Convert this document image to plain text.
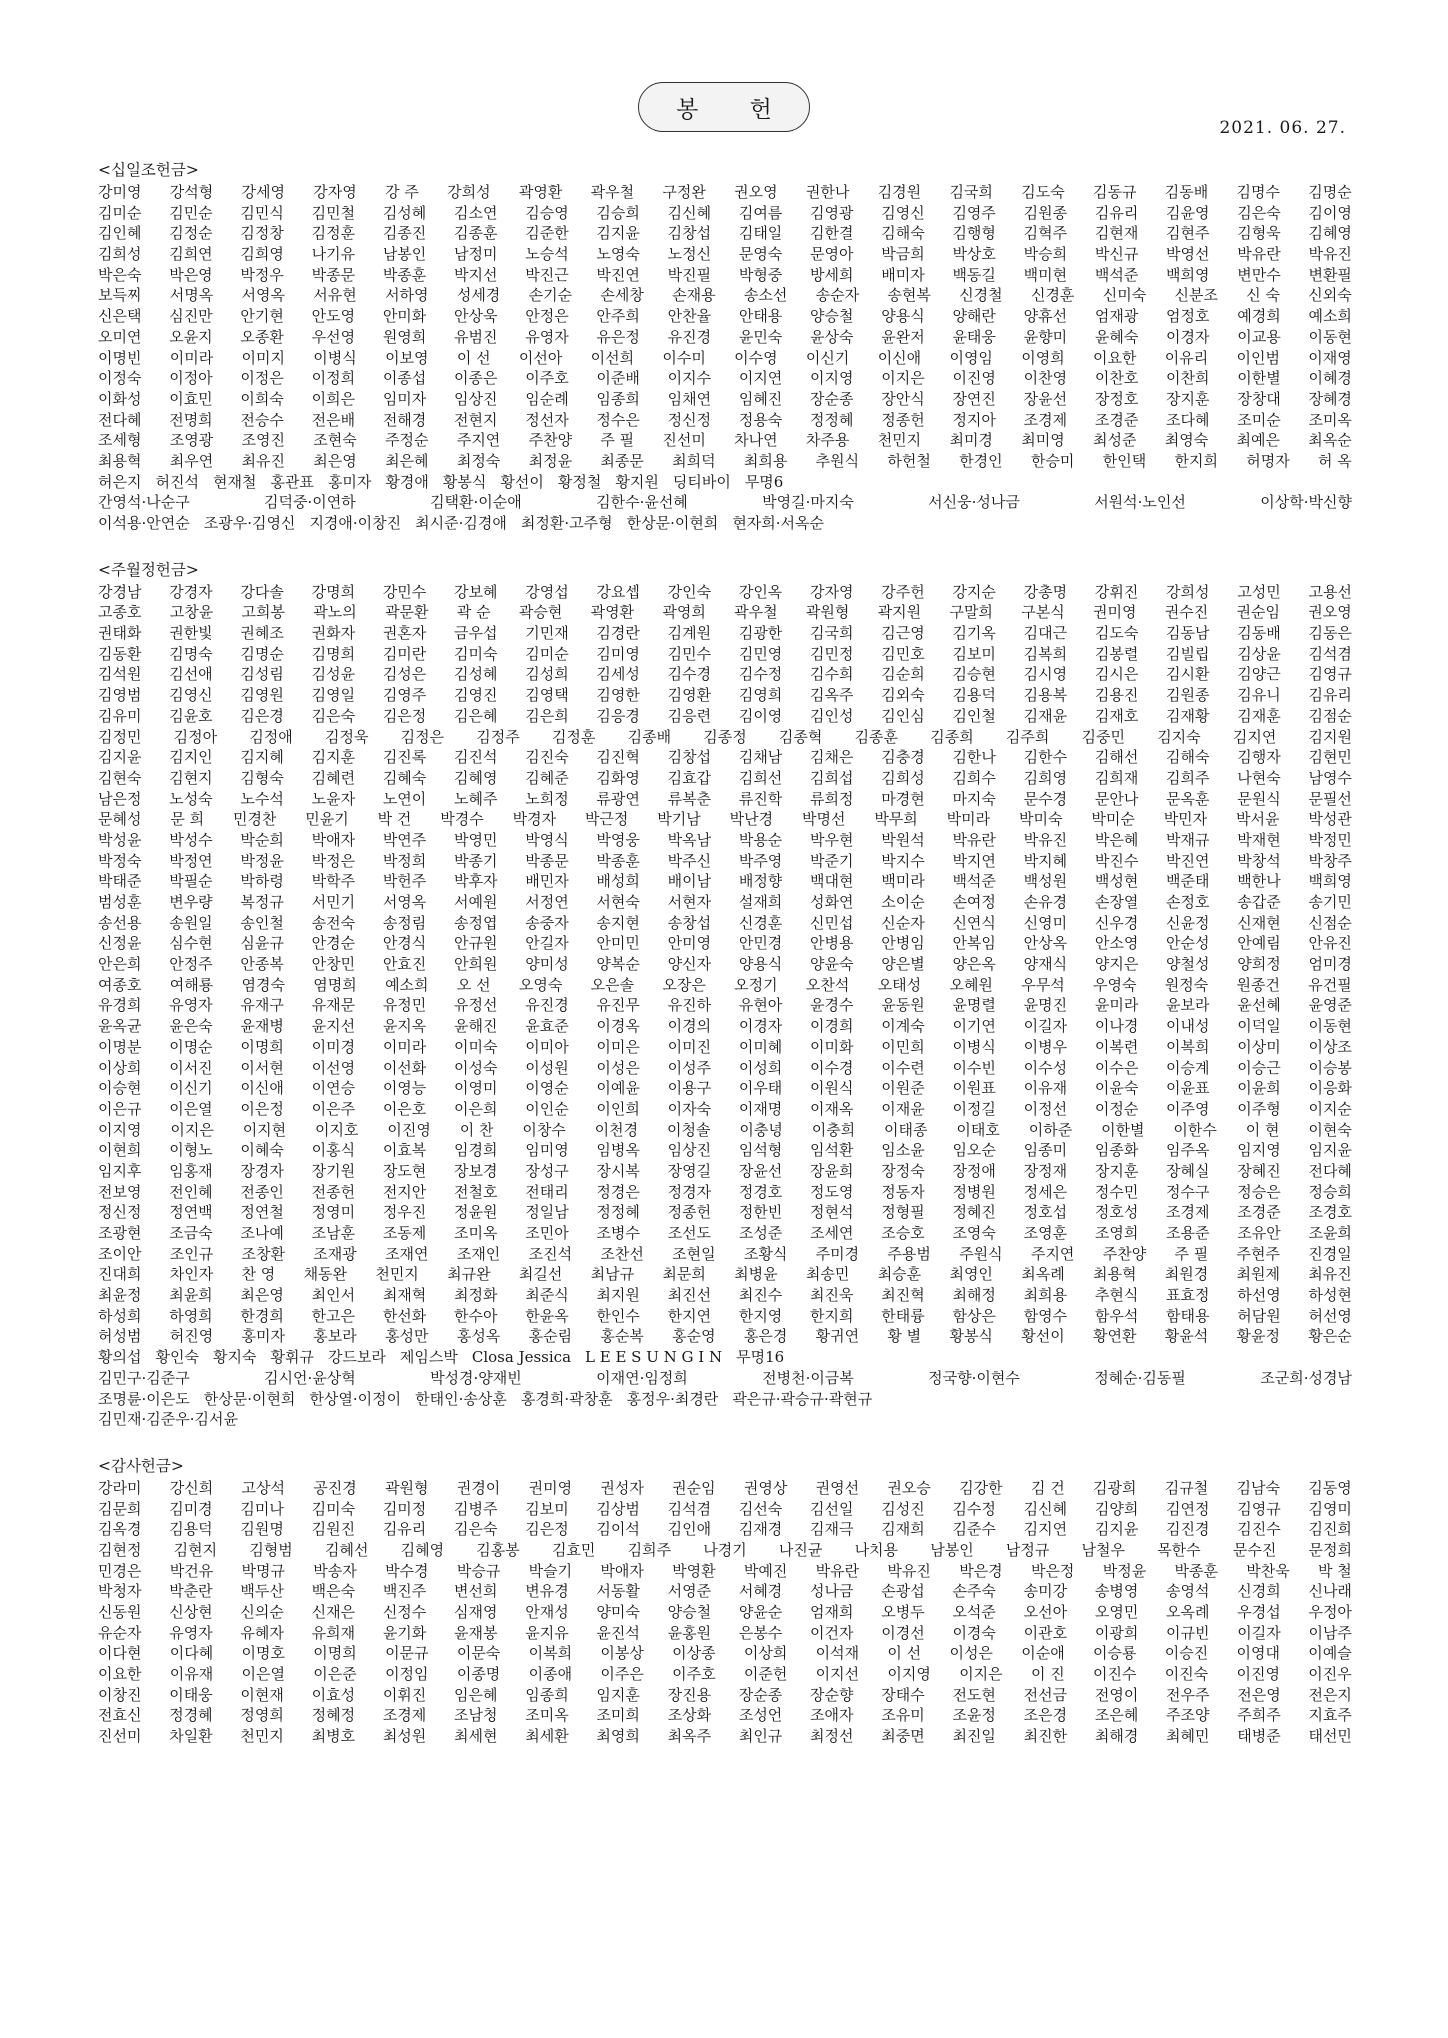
봉 헌
2021. 06. 27.
<십일조헌금>
강미영 강석형 강세영 강자영 강 주 강희성 곽영환 곽우철 구정완 권오영 권한나 김경원 김국희 김도숙 김동규 김동배 김명수 김명순
김미순 김민순 김민식 김민철 김성혜 김소연 김승영 김승희 김신혜 김여름 김영광 김영신 김영주 김원종 김유리 김윤영 김은숙 김이영
김인혜 김정순 김정창 김정훈 김종진 김종훈 김준한 김지윤 김창섭 김태일 김한결 김해숙 김행형 김혁주 김현재 김현주 김형욱 김혜영
김희성 김희연 김희영 나기유 남봉인 남정미 노승석 노영숙 노정신 문영숙 문영아 박금희 박상호 박승희 박신규 박영선 박유란 박유진
박은숙 박은영 박정우 박종문 박종훈 박지선 박진근 박진연 박진필 박형중 방세희 배미자 백동길 백미현 백석준 백희영 변만수 변환필
보득찌 서명옥 서영옥 서유현 서하영 성세경 손기순 손세창 손재용 송소선 송순자 송현복 신경철 신경훈 신미숙 신분조 신 숙 신외숙
신은택 심진만 안기현 안도영 안미화 안상욱 안정은 안주희 안찬율 안태용 양승철 양용식 양해란 양휴선 엄재광 엄정호 예경희 예소희
오미연 오윤지 오종환 우선영 원영희 유범진 유영자 유은정 유진경 윤민숙 윤상숙 윤완저 윤태웅 윤향미 윤혜숙 이경자 이교용 이동현
이명빈 이미라 이미지 이병식 이보영 이 선 이선아 이선희 이수미 이수영 이신기 이신애 이영임 이영희 이요한 이유리 이인범 이재영
이정숙 이정아 이정은 이정희 이종섭 이종은 이주호 이준배 이지수 이지연 이지영 이지은 이진영 이찬영 이찬호 이찬희 이한별 이혜경
이화성 이효민 이희숙 이희은 임미자 임상진 임순례 임종희 임채연 임혜진 장순종 장안식 장연진 장윤선 장정호 장지훈 장창대 장혜경
전다혜 전명희 전승수 전은배 전해경 전현지 정선자 정수은 정신정 정용숙 정정혜 정종헌 정지아 조경제 조경준 조다혜 조미순 조미옥
조세형 조영광 조영진 조현숙 주정순 주지연 주찬양 주 필 진선미 차나연 차주용 천민지 최미경 최미영 최성준 최영숙 최예은 최옥순
최용혁 최우연 최유진 최은영 최은혜 최정숙 최정윤 최종문 최희덕 최희용 추원식 하헌철 한경인 한승미 한인택 한지희 허명자 허 옥
허은지 허진석 현재철 홍관표 홍미자 황경애 황봉식 황선이 황정철 황지원 딩티바이 무명6
간영석·나순구	김덕중·이연하	김택환·이순애	김한수·윤선혜	박영길·마지숙	서신웅·성나금	서원석·노인선	이상학·박신향
이석용·안연순 조광우·김영신 지경애·이창진 최시준·김경애 최정환·고주형 한상문·이현희 현자희·서옥순
<주월정헌금>
강경남 강경자 강다솔 강명희 강민수 강보혜 강영섭 강요셉 강인숙 강인옥 강자영 강주헌 강지순 강총명 강휘진 강희성 고성민 고용선
고종호 고창윤 고희봉 곽노의 곽문환 곽 순 곽승현 곽영환 곽영희 곽우철 곽원형 곽지원 구말희 구본식 권미영 권수진 권순임 권오영
권태화 권한빛 권혜조 권화자 권혼자 금우섭 기민재 김경란 김계원 김광한 김국희 김근영 김기옥 김대근 김도숙 김동남 김동배 김동은
김동환 김명숙 김명순 김명희 김미란 김미숙 김미순 김미영 김민수 김민영 김민정 김민호 김보미 김복희 김봉렬 김빌립 김상윤 김석겸
김석원 김선애 김성림 김성윤 김성은 김성혜 김성희 김세성 김수경 김수정 김수희 김순희 김승현 김시영 김시은 김시환 김양근 김영규
김영범 김영신 김영원 김영일 김영주 김영진 김영택 김영한 김영환 김영희 김옥주 김외숙 김용덕 김용복 김용진 김원종 김유니 김유리
김유미 김윤호 김은경 김은숙 김은정 김은혜 김은희 김응경 김응련 김이영 김인성 김인심 김인철 김재윤 김재호 김재황 김재훈 김점순
김정민 김정아 김정애 김정욱 김정은 김정주 김정훈 김종배 김종정 김종혁 김종훈 김종희 김주희 김중민 김지숙 김지연 김지원
김지윤 김지인 김지혜 김지훈 김진록 김진석 김진숙 김진혁 김창섭 김채남 김채은 김충경 김한나 김한수 김해선 김해숙 김행자 김현민
김현숙 김현지 김형숙 김혜련 김혜숙 김혜영 김혜준 김화영 김효갑 김희선 김희섭 김희성 김희수 김희영 김희재 김희주 나현숙 남영수
남은정 노성숙 노수석 노윤자 노연이 노혜주 노희정 류광연 류복춘 류진학 류희정 마경현 마지숙 문수경 문안나 문옥훈 문원식 문필선
문혜성 문 희 민경찬 민윤기 박 건 박경수 박경자 박근정 박기남 박난경 박명선 박무희 박미라 박미숙 박미순 박민자 박서윤 박성관
박성윤 박성수 박순희 박애자 박연주 박영민 박영식 박영웅 박옥남 박용순 박우현 박원석 박유란 박유진 박은혜 박재규 박재현 박정민
박정숙 박정연 박정윤 박정은 박정희 박종기 박종문 박종훈 박주신 박주영 박준기 박지수 박지연 박지혜 박진수 박진연 박창석 박창주
박태준 박필순 박하령 박학주 박헌주 박후자 배민자 배성희 배이남 배정향 백대현 백미라 백석준 백성원 백성현 백준태 백한나 백희영
범성훈 변우량 복정규 서민기 서영옥 서예원 서정연 서현숙 서현자 설재희 성화연 소이순 손여정 손유경 손장열 손정호 송갑준 송기민
송선용 송원일 송인철 송전숙 송정림 송정엽 송중자 송지현 송창섭 신경훈 신민섭 신순자 신연식 신영미 신우경 신윤정 신재현 신점순
신정윤 심수현 심윤규 안경순 안경식 안규원 안길자 안미민 안미영 안민경 안병용 안병임 안복임 안상옥 안소영 안순성 안예림 안유진
안은희 안정주 안종복 안창민 안효진 안희원 양미성 양복순 양신자 양용식 양윤숙 양은별 양은옥 양재식 양지은 양철성 양희정 엄미경
여종호 여해룡 염경숙 염명희 예소희 오 선 오영숙 오은솔 오장은 오정기 오찬석 오태성 오혜원 우무석 우영숙 원정숙 원종건 유건필
유경희 유영자 유재구 유재문 유정민 유정선 유진경 유진무 유진하 유현아 윤경수 윤동원 윤명렬 윤명진 윤미라 윤보라 윤선혜 윤영준
윤옥균 윤은숙 윤재병 윤지선 윤지옥 윤해진 윤효준 이경옥 이경의 이경자 이경희 이계숙 이기연 이길자 이나경 이내성 이덕일 이동현
이명분 이명순 이명희 이미경 이미라 이미숙 이미아 이미은 이미진 이미혜 이미화 이민희 이병식 이병우 이복련 이복희 이상미 이상조
이상희 이서진 이서현 이선영 이선화 이성숙 이성원 이성은 이성주 이성희 이수경 이수련 이수빈 이수성 이수은 이승계 이승근 이승봉
이승현 이신기 이신애 이연승 이영능 이영미 이영순 이예윤 이용구 이우태 이원식 이원준 이원표 이유재 이윤숙 이윤표 이윤희 이응화
이은규 이은열 이은정 이은주 이은호 이은희 이인순 이인희 이자숙 이재명 이재옥 이재윤 이정길 이정선 이정순 이주영 이주형 이지순
이지영 이지은 이지현 이지호 이진영 이 찬 이창수 이천경 이청솔 이충녕 이충희 이태종 이태호 이하준 이한별 이한수 이 현 이현숙
이현희 이형노 이혜숙 이홍식 이효복 임경희 임미영 임병옥 임상진 임석형 임석환 임소윤 임오순 임종미 임종화 임주옥 임지영 임지윤
임지후 임홍재 장경자 장기원 장도현 장보경 장성구 장시복 장영길 장윤선 장윤희 장정숙 장정애 장정재 장지훈 장혜실 장혜진 전다혜
전보영 전인혜 전종인 전종헌 전지안 전철호 전태리 정경은 정경자 정경호 정도영 정동자 정병원 정세은 정수민 정수구 정승은 정승희
정신정 정연백 정연철 정영미 정우진 정윤원 정일남 정정혜 정종헌 정한빈 정현석 정형필 정혜진 정호섭 정호성 조경제 조경준 조경호
조광현 조금숙 조나예 조남훈 조동제 조미옥 조민아 조병수 조선도 조성준 조세연 조승호 조영숙 조영훈 조영희 조용준 조유안 조윤희
조이안 조인규 조창환 조재광 조재연 조재인 조진석 조찬선 조현일 조황식 주미경 주용범 주원식 주지연 주찬양 주 필 주현주 진경일
진대희 차인자 찬 영 채동완 천민지 최규완 최길선 최남규 최문희 최병윤 최송민 최승훈 최영인 최옥례 최용혁 최원경 최원제 최유진
최윤정 최윤희 최은영 최인서 최재혁 최정화 최준식 최지원 최진선 최진수 최진욱 최진혁 최해정 최희용 추현식 표효정 하선영 하성현
하성희 하영희 한경희 한고은 한선화 한수아 한윤옥 한인수 한지연 한지영 한지희 한태륭 함상은 함영수 함우석 함태용 허담원 허선영
허성범 허진영 홍미자 홍보라 홍성만 홍성옥 홍순림 홍순복 홍순영 홍은경 황귀연 황 별 황봉식 황선이 황연환 황윤석 황윤정 황은순
황의섭 황인숙 황지숙 황휘규 강드보라 제임스박 Closa Jessica L E E S U N G I N 무명16
김민구·김준구	김시언·윤상혁	박성경·양재빈	이재연·임정희	전병천·이금복	정국향·이현수	정혜순·김동필	조군희·성경남
조명륜·이은도 한상문·이현희 한상열·이정이 한태인·송상훈 홍경희·곽창훈 홍정우·최경란 곽은규·곽승규·곽현규
김민재·김준우·김서윤
<감사헌금>
강라미 강신희 고상석 공진경 곽원형 권경이 권미영 권성자 권순임 권영상 권영선 권오승 김강한 김 건 김광희 김규철 김남숙 김동영
김문희 김미경 김미나 김미숙 김미정 김병주 김보미 김상범 김석겸 김선숙 김선일 김성진 김수정 김신혜 김양희 김연정 김영규 김영미
김옥경 김용덕 김원명 김원진 김유리 김은숙 김은정 김이석 김인애 김재경 김재극 김재희 김준수 김지연 김지윤 김진경 김진수 김진희
김현정 김현지 김형범 김혜선 김혜영 김홍봉 김효민 김희주 나경기 나진균 나치용 남봉인 남정규 남철우 목한수 문수진 문정희
민경은 박건유 박명규 박송자 박수경 박승규 박슬기 박애자 박영환 박예진 박유란 박유진 박은경 박은정 박정윤 박종훈 박찬욱 박 철
박청자 박춘란 백두산 백은숙 백진주 변선희 변유경 서동활 서영준 서혜경 성나금 손광섭 손주숙 송미강 송병영 송영석 신경희 신나래
신동원 신상현 신의순 신재은 신정수 심재영 안재성 양미숙 양승철 양윤순 엄재희 오병두 오석준 오선아 오영민 오옥례 우경섭 우정아
유순자 유영자 유혜자 유희재 윤기화 윤재봉 윤지유 윤진석 윤홍원 은봉수 이건자 이경선 이경숙 이관호 이광희 이규빈 이길자 이남주
이다현 이다혜 이명호 이명희 이문규 이문숙 이복희 이봉상 이상종 이상희 이석재 이 선 이성은 이순애 이승룡 이승진 이영대 이예슬
이요한 이유재 이은열 이은준 이정임 이종명 이종애 이주은 이주호 이준헌 이지선 이지영 이지은 이 진 이진수 이진숙 이진영 이진우
이창진 이태웅 이현재 이효성 이휘진 임은혜 임종희 임지훈 장진용 장순종 장순향 장태수 전도현 전선금 전영이 전우주 전은영 전은지
전효신 정경혜 정영희 정혜정 조경제 조남청 조미옥 조미희 조상화 조성언 조애자 조유미 조윤정 조은경 조은혜 주조양 주희주 지효주
진선미 차일환 천민지 최병호 최성원 최세현 최세환 최영희 최옥주 최인규 최정선 최중면 최진일 최진한 최해경 최혜민 태병준 태선민
